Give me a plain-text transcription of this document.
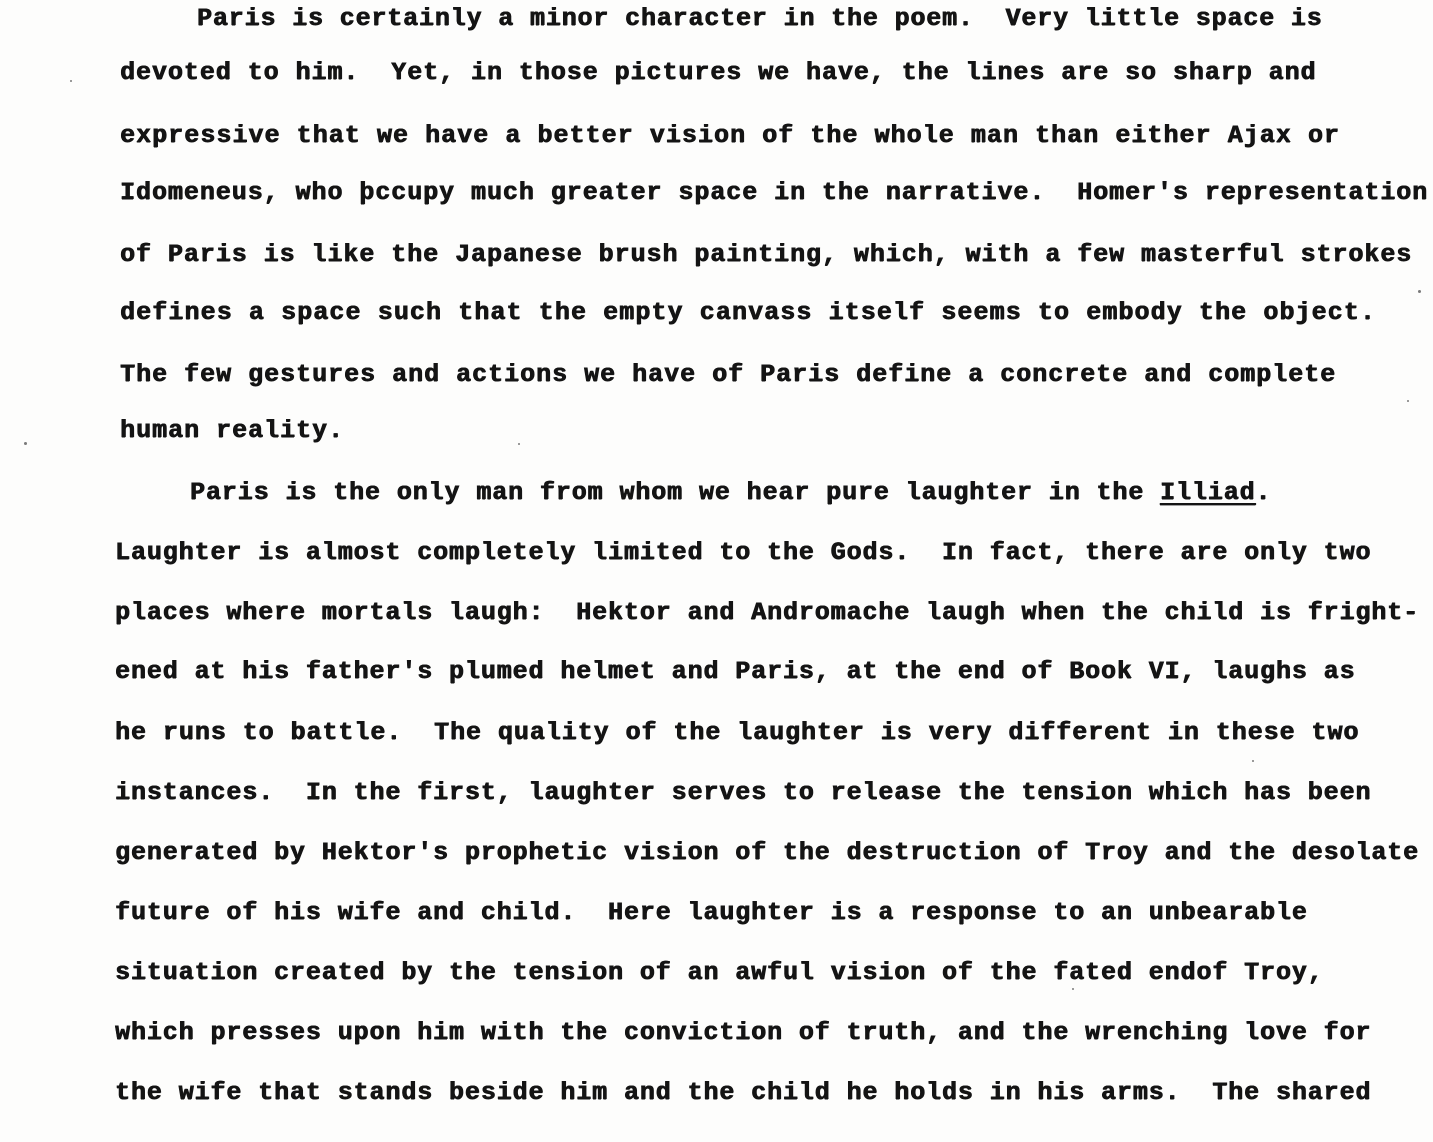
Paris is certainly a minor character in the poem.  Very little space is
devoted to him.  Yet, in those pictures we have, the lines are so sharp and
expressive that we have a better vision of the whole man than either Ajax or
Idomeneus, who þccupy much greater space in the narrative.  Homer's representation
of Paris is like the Japanese brush painting, which, with a few masterful strokes
defines a space such that the empty canvass itself seems to embody the object.
The few gestures and actions we have of Paris define a concrete and complete
human reality.
Paris is the only man from whom we hear pure laughter in the Illiad.
Laughter is almost completely limited to the Gods.  In fact, there are only two
places where mortals laugh:  Hektor and Andromache laugh when the child is fright-
ened at his father's plumed helmet and Paris, at the end of Book VI, laughs as
he runs to battle.  The quality of the laughter is very different in these two
instances.  In the first, laughter serves to release the tension which has been
generated by Hektor's prophetic vision of the destruction of Troy and the desolate
future of his wife and child.  Here laughter is a response to an unbearable
situation created by the tension of an awful vision of the fated endof Troy,
which presses upon him with the conviction of truth, and the wrenching love for
the wife that stands beside him and the child he holds in his arms.  The shared
